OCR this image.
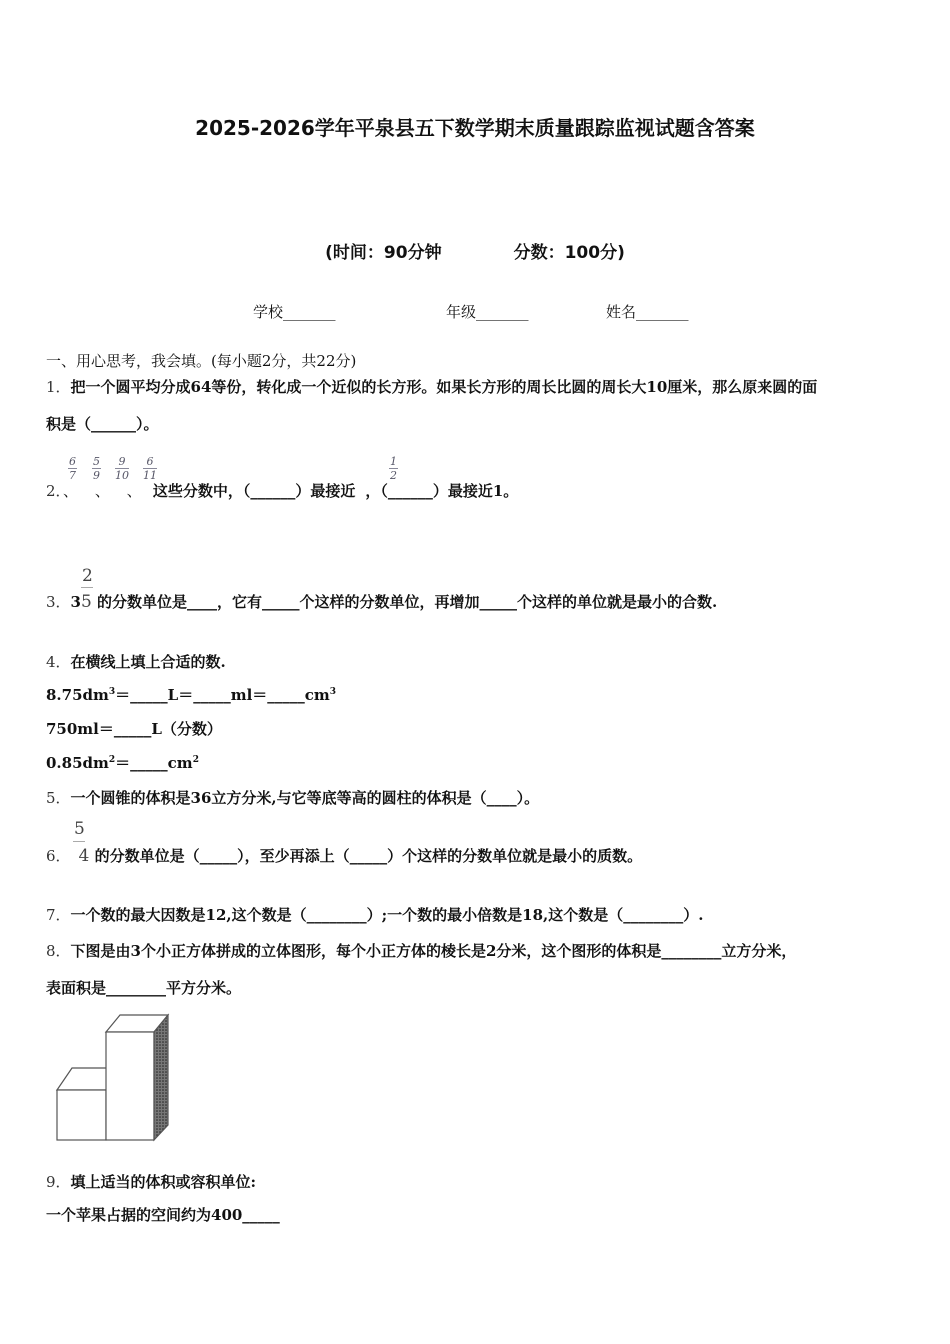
2025-2026学年平泉县五下数学期末质量跟踪监视试题含答案
(时间：90分钟	分数：100分)
学校_______	年级_______	姓名_______
一、用心思考，我会填。(每小题2分，共22分)
1．把一个圆平均分成64等份，转化成一个近似的长方形。如果长方形的周长比圆的周长大10厘米，那么原来圆的面
积是（______）。
$\frac{6}{7} \frac{5}{9} \frac{9}{10} \frac{6}{11}$	$\frac{1}{2}$
2．、 、 、 这些分数中，（______）最接近 ，（______）最接近1。
2
3．35 的分数单位是____，它有_____个这样的分数单位，再增加_____个这样的单位就是最小的合数.
4．在横线上填上合适的数.
$8.75dm^3=\_\_\_\_\_L=\_\_\_\_\_ml=\_\_\_\_\_cm^3$
750ml＝_____L（分数）
$0.85dm^2=\_\_\_\_\_cm^2$
5．一个圆锥的体积是36立方分米,与它等底等高的圆柱的体积是（____）。
5
6． 4 的分数单位是（_____），至少再添上（_____）个这样的分数单位就是最小的质数。
7．一个数的最大因数是12,这个数是（________）;一个数的最小倍数是18,这个数是（________）.
8．下图是由3个小正方体拼成的立体图形，每个小正方体的棱长是2分米，这个图形的体积是________立方分米，
表面积是________平方分米。
9．填上适当的体积或容积单位:
一个苹果占据的空间约为400_____
